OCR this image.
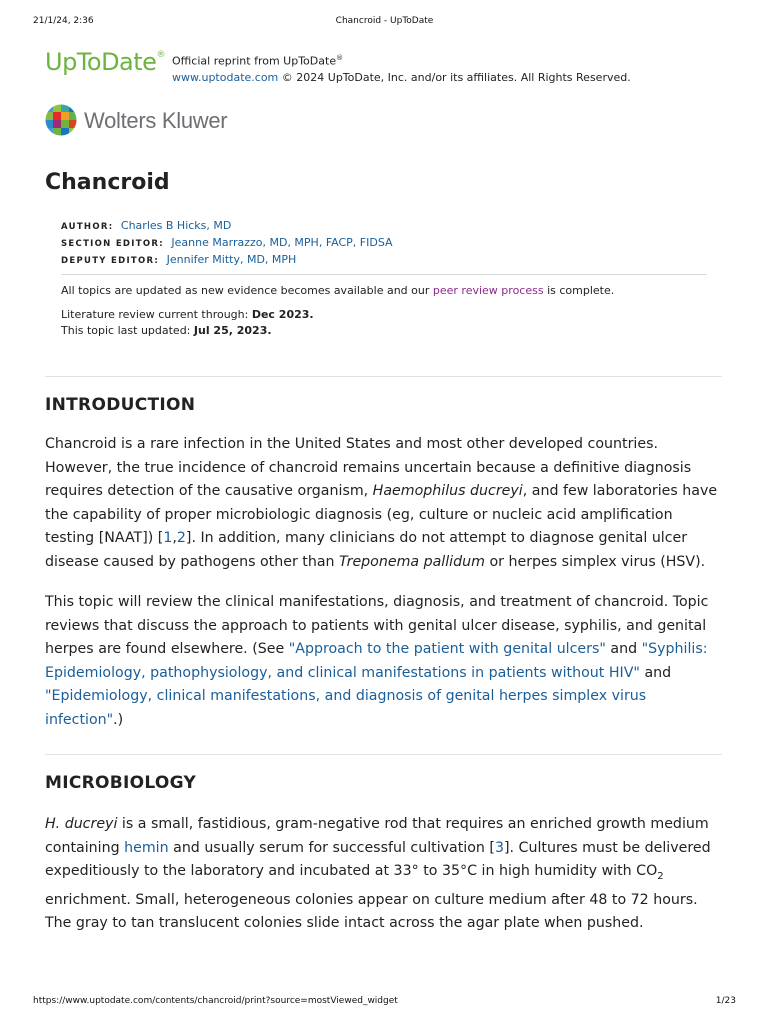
21/1/24, 2:36	Chancroid - UpToDate
UpToDate® Official reprint from UpToDate®
www.uptodate.com © 2024 UpToDate, Inc. and/or its affiliates. All Rights Reserved.
Wolters Kluwer
Chancroid
AUTHOR: Charles B Hicks, MD
SECTION EDITOR: Jeanne Marrazzo, MD, MPH, FACP, FIDSA
DEPUTY EDITOR: Jennifer Mitty, MD, MPH
All topics are updated as new evidence becomes available and our peer review process is complete.
Literature review current through: Dec 2023.
This topic last updated: Jul 25, 2023.
INTRODUCTION

Chancroid is a rare infection in the United States and most other developed countries. However, the true incidence of chancroid remains uncertain because a definitive diagnosis requires detection of the causative organism, Haemophilus ducreyi, and few laboratories have the capability of proper microbiologic diagnosis (eg, culture or nucleic acid amplification testing [NAAT]) [1,2]. In addition, many clinicians do not attempt to diagnose genital ulcer disease caused by pathogens other than Treponema pallidum or herpes simplex virus (HSV).

This topic will review the clinical manifestations, diagnosis, and treatment of chancroid. Topic reviews that discuss the approach to patients with genital ulcer disease, syphilis, and genital herpes are found elsewhere. (See "Approach to the patient with genital ulcers" and "Syphilis: Epidemiology, pathophysiology, and clinical manifestations in patients without HIV" and "Epidemiology, clinical manifestations, and diagnosis of genital herpes simplex virus infection".)

MICROBIOLOGY

H. ducreyi is a small, fastidious, gram-negative rod that requires an enriched growth medium containing hemin and usually serum for successful cultivation [3]. Cultures must be delivered expeditiously to the laboratory and incubated at 33° to 35°C in high humidity with $CO_2$ enrichment. Small, heterogeneous colonies appear on culture medium after 48 to 72 hours. The gray to tan translucent colonies slide intact across the agar plate when pushed.

https://www.uptodate.com/contents/chancroid/print?source=mostViewed_widget	1/23
